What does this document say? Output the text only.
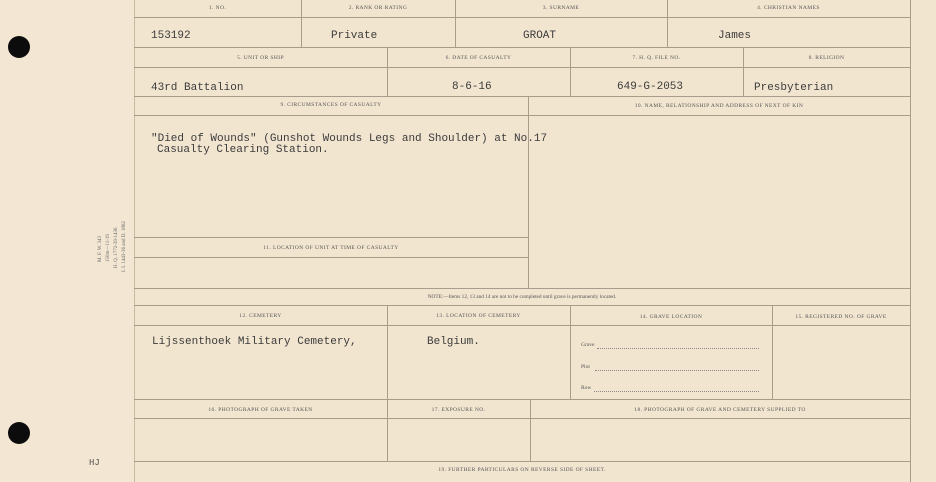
M. F. W. 343 150m—11-19 H. Q. 1772-39-1436 I. I. 1443-36 and D. 1862
HJ
1. NO.	2. RANK OR RATING	3. SURNAME	4. CHRISTIAN NAMES
153192	Private	GROAT	James
5. UNIT OR SHIP	6. DATE OF CASUALTY	7. H. Q. FILE NO.	8. RELIGION
43rd Battalion	8-6-16	649-G-2053	Presbyterian
9. CIRCUMSTANCES OF CASUALTY	10. NAME, RELATIONSHIP AND ADDRESS OF NEXT OF KIN
"Died of Wounds" (Gunshot Wounds Legs and Shoulder) at No.17
Casualty Clearing Station.
11. LOCATION OF UNIT AT TIME OF CASUALTY
NOTE:—Items 12, 13 and 14 are not to be completed until grave is permanently located.
12. CEMETERY	13. LOCATION OF CEMETERY	14. GRAVE LOCATION	15. REGISTERED NO. OF GRAVE
Lijssenthoek Military Cemetery,	Belgium.	Grave
Plot
Row
16. PHOTOGRAPH OF GRAVE TAKEN	17. EXPOSURE NO.	18. PHOTOGRAPH OF GRAVE AND CEMETERY SUPPLIED TO
19. FURTHER PARTICULARS ON REVERSE SIDE OF SHEET.
